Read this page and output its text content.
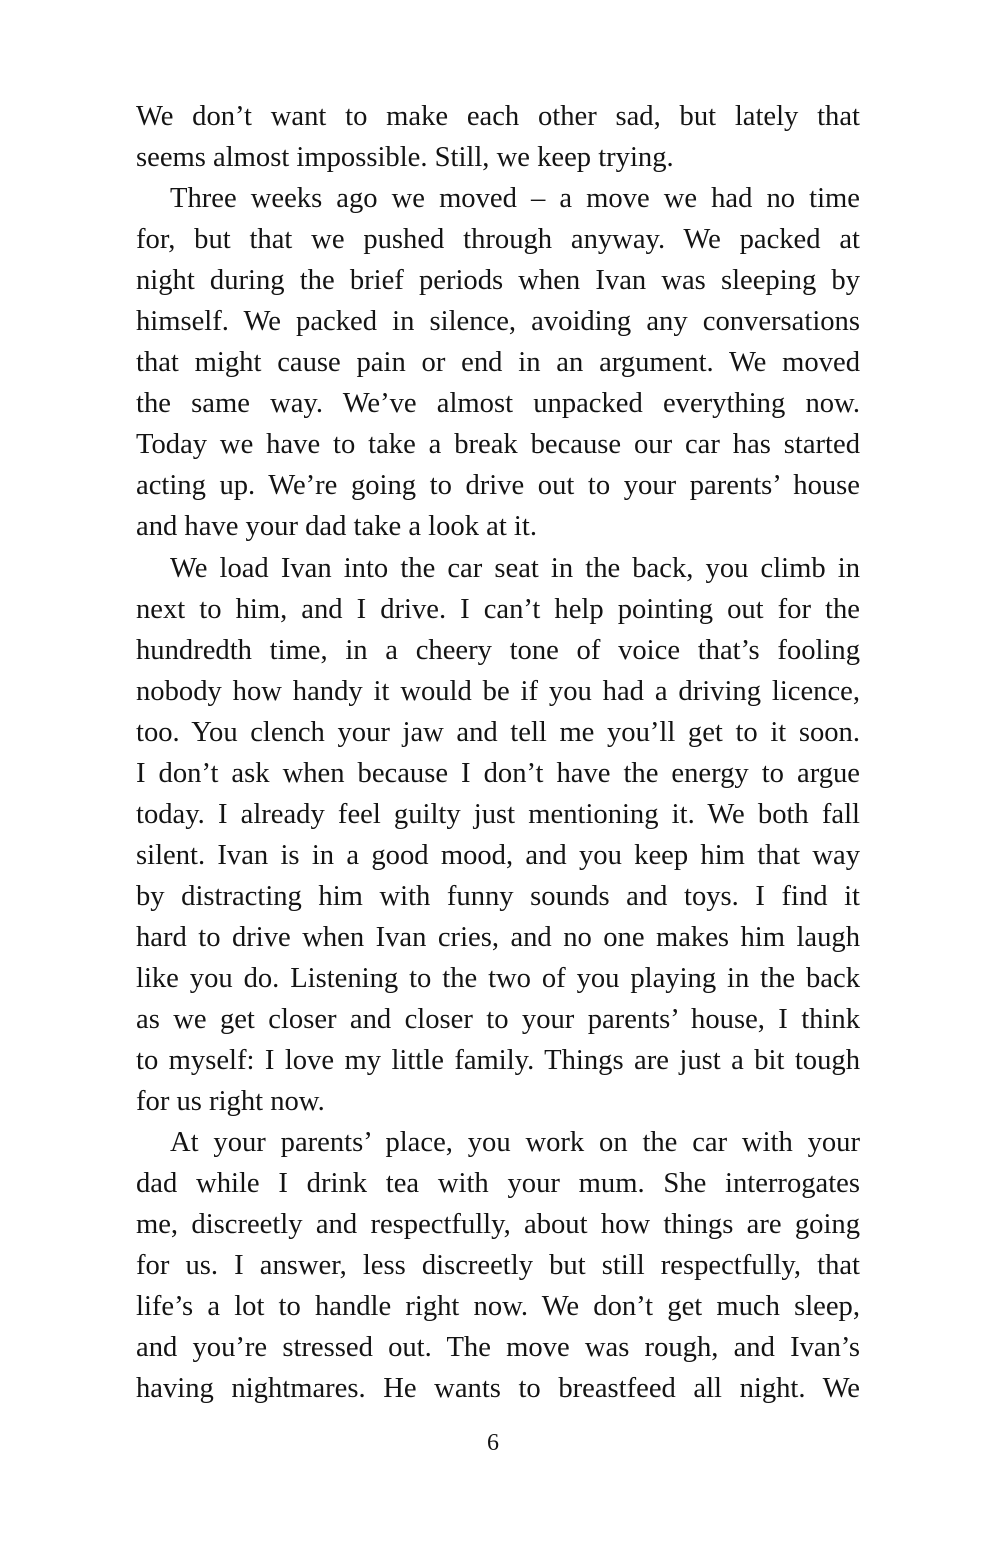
We don’t want to make each other sad, but lately that
seems almost impossible. Still, we keep trying.
Three weeks ago we moved – a move we had no time
for, but that we pushed through anyway. We packed at
night during the brief periods when Ivan was sleeping by
himself. We packed in silence, avoiding any conversations
that might cause pain or end in an argument. We moved
the same way. We’ve almost unpacked everything now.
Today we have to take a break because our car has started
acting up. We’re going to drive out to your parents’ house
and have your dad take a look at it.
We load Ivan into the car seat in the back, you climb in
next to him, and I drive. I can’t help pointing out for the
hundredth time, in a cheery tone of voice that’s fooling
nobody how handy it would be if you had a driving licence,
too. You clench your jaw and tell me you’ll get to it soon.
I don’t ask when because I don’t have the energy to argue
today. I already feel guilty just mentioning it. We both fall
silent. Ivan is in a good mood, and you keep him that way
by distracting him with funny sounds and toys. I find it
hard to drive when Ivan cries, and no one makes him laugh
like you do. Listening to the two of you playing in the back
as we get closer and closer to your parents’ house, I think
to myself: I love my little family. Things are just a bit tough
for us right now.
At your parents’ place, you work on the car with your
dad while I drink tea with your mum. She interrogates
me, discreetly and respectfully, about how things are going
for us. I answer, less discreetly but still respectfully, that
life’s a lot to handle right now. We don’t get much sleep,
and you’re stressed out. The move was rough, and Ivan’s
having nightmares. He wants to breastfeed all night. We
6
